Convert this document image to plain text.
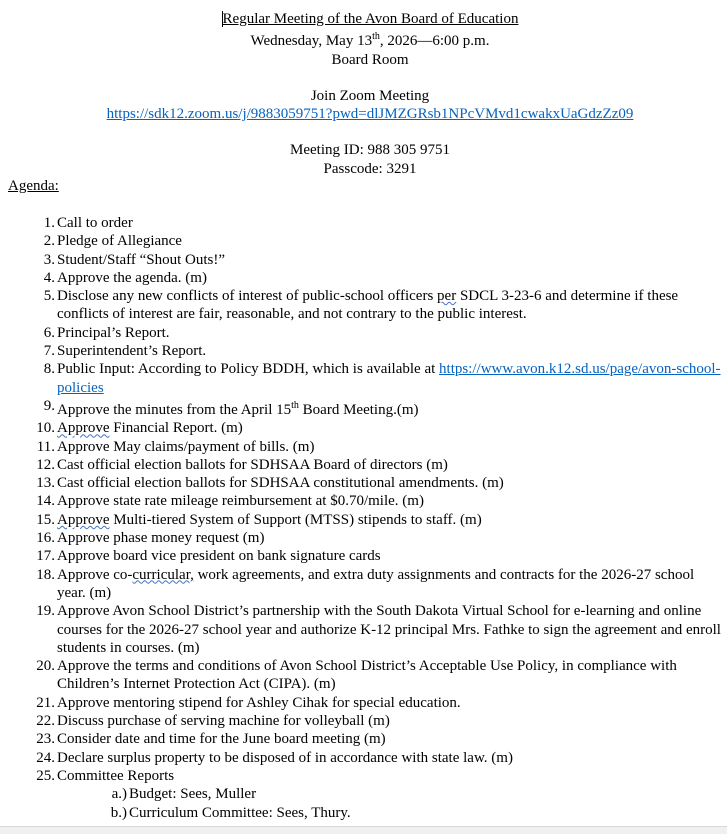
Regular Meeting of the Avon Board of Education
Wednesday, May 13th, 2026—6:00 p.m.
Board Room
Join Zoom Meeting
https://sdk12.zoom.us/j/9883059751?pwd=dlJMZGRsb1NPcVMvd1cwakxUaGdzZz09
Meeting ID: 988 305 9751
Passcode: 3291
Agenda:
1. Call to order
2. Pledge of Allegiance
3. Student/Staff “Shout Outs!”
4. Approve the agenda. (m)
5. Disclose any new conflicts of interest of public-school officers per SDCL 3-23-6 and determine if these conflicts of interest are fair, reasonable, and not contrary to the public interest.
6. Principal’s Report.
7. Superintendent’s Report.
8. Public Input: According to Policy BDDH, which is available at https://www.avon.k12.sd.us/page/avon-school-policies
9. Approve the minutes from the April 15th Board Meeting.(m)
10. Approve Financial Report. (m)
11. Approve May claims/payment of bills. (m)
12. Cast official election ballots for SDHSAA Board of directors (m)
13. Cast official election ballots for SDHSAA constitutional amendments. (m)
14. Approve state rate mileage reimbursement at $0.70/mile. (m)
15. Approve Multi-tiered System of Support (MTSS) stipends to staff. (m)
16. Approve phase money request (m)
17. Approve board vice president on bank signature cards
18. Approve co-curricular, work agreements, and extra duty assignments and contracts for the 2026-27 school year. (m)
19. Approve Avon School District’s partnership with the South Dakota Virtual School for e-learning and online courses for the 2026-27 school year and authorize K-12 principal Mrs. Fathke to sign the agreement and enroll students in courses. (m)
20. Approve the terms and conditions of Avon School District’s Acceptable Use Policy, in compliance with Children’s Internet Protection Act (CIPA). (m)
21. Approve mentoring stipend for Ashley Cihak for special education.
22. Discuss purchase of serving machine for volleyball (m)
23. Consider date and time for the June board meeting (m)
24. Declare surplus property to be disposed of in accordance with state law. (m)
25. Committee Reports
a.) Budget: Sees, Muller
b.) Curriculum Committee: Sees, Thury.
